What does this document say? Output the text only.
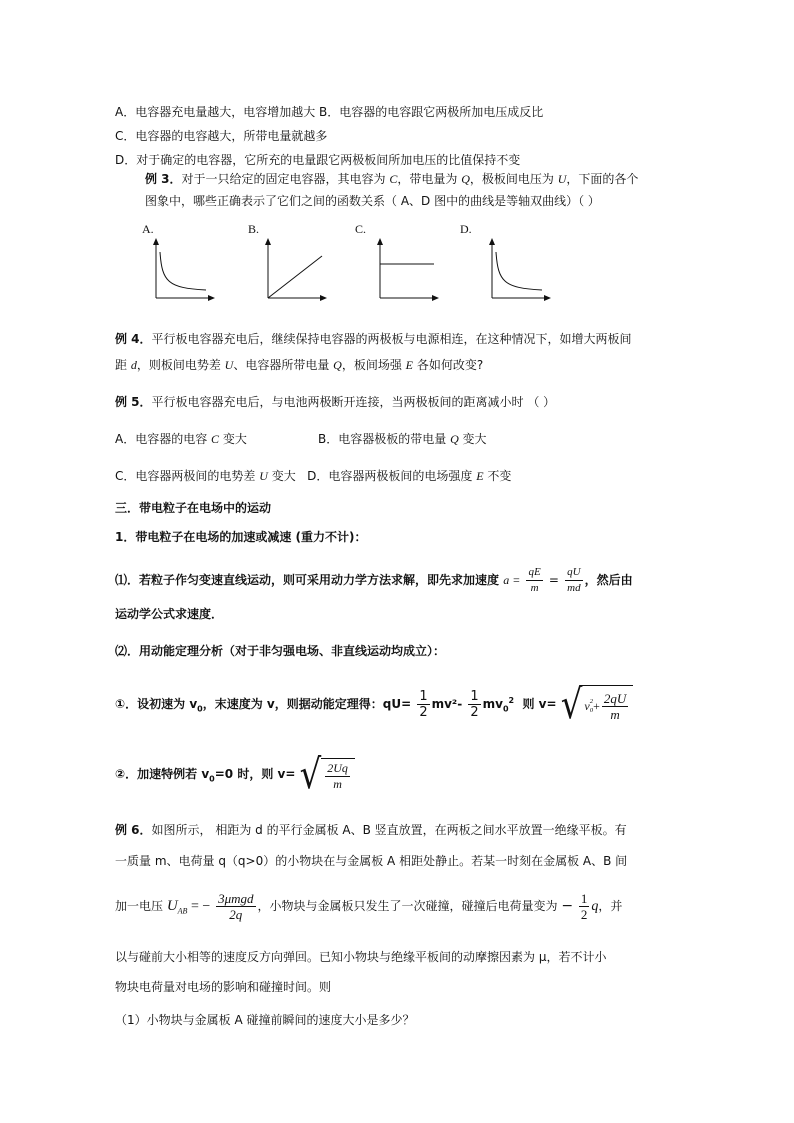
A．电容器充电量越大，电容增加越大 B．电容器的电容跟它两极所加电压成反比
C．电容器的电容越大，所带电量就越多
D．对于确定的电容器，它所充的电量跟它两极板间所加电压的比值保持不变
例 3．对于一只给定的固定电容器，其电容为 C，带电量为 Q，极板间电压为 U，下面的各个
图象中，哪些正确表示了它们之间的函数关系（ A、D 图中的曲线是等轴双曲线）（ ）
A.	B.	C.	D.
例 4．平行板电容器充电后，继续保持电容器的两极板与电源相连，在这种情况下，如增大两板间
距 d，则板间电势差 U、电容器所带电量 Q，板间场强 E 各如何改变?
例 5．平行板电容器充电后，与电池两极断开连接，当两极板间的距离减小时 （ ）
A．电容器的电容 C 变大	B．电容器极板的带电量 Q 变大
C．电容器两极间的电势差 U 变大 D．电容器两极板间的电场强度 E 不变
三．带电粒子在电场中的运动
1．带电粒子在电场的加速或减速 (重力不计)：
⑴．若粒子作匀变速直线运动，则可采用动力学方法求解，即先求加速度 $a = \frac{qE}{m} = \frac{qU}{md}$ ，然后由
运动学公式求速度．
⑵．用动能定理分析（对于非匀强电场、非直线运动均成立）：
①．设初速为 $v_0$，末速度为 v，则据动能定理得：$qU= \frac{1}{2} mv^2- \frac{1}{2} mv_0^2$ 则 v= √ v 2
$0 + \frac{2qU}{m}$
②．加速特例若 $v_0=0$ 时，则 v= √ $\frac{2Uq}{m}$
例 6．如图所示， 相距为 d 的平行金属板 A、B 竖直放置，在两板之间水平放置一绝缘平板。有
一质量 m、电荷量 q（q>0）的小物块在与金属板 A 相距处静止。若某一时刻在金属板 A、B 间
加一电压 $U_{AB}$ = − $\frac{\text{3μmgd}}{2q}$ ，小物块与金属板只发生了一次碰撞，碰撞后电荷量变为 − $\frac{1}{2}$ q，并
以与碰前大小相等的速度反方向弹回。已知小物块与绝缘平板间的动摩擦因素为 μ，若不计小
物块电荷量对电场的影响和碰撞时间。则
（1）小物块与金属板 A 碰撞前瞬间的速度大小是多少？
